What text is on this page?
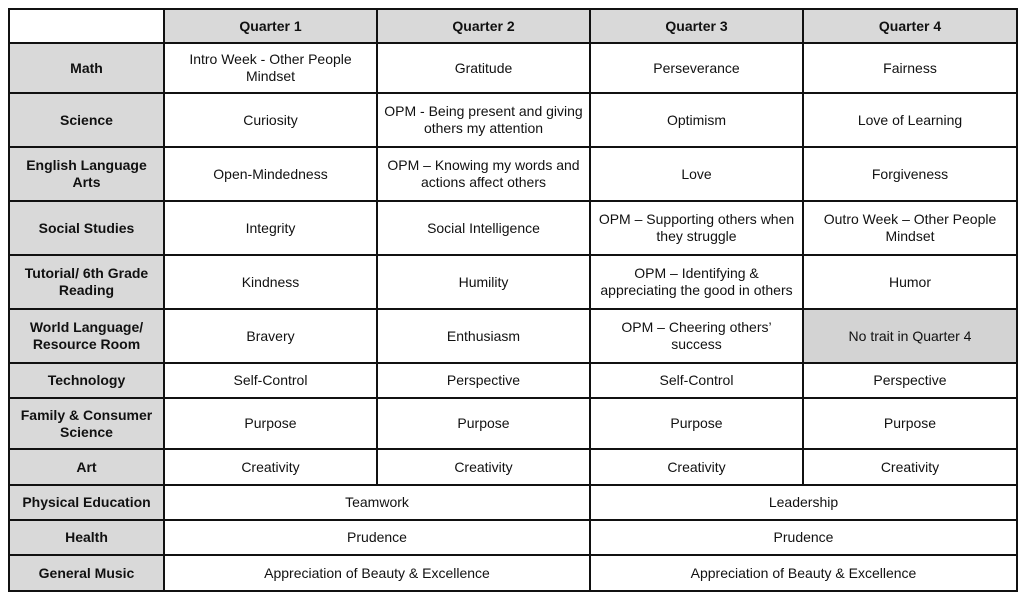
	Quarter 1	Quarter 2	Quarter 3	Quarter 4
Math	Intro Week - Other People Mindset	Gratitude	Perseverance	Fairness
Science	Curiosity	OPM - Being present and giving others my attention	Optimism	Love of Learning
English Language Arts	Open-Mindedness	OPM – Knowing my words and actions affect others	Love	Forgiveness
Social Studies	Integrity	Social Intelligence	OPM – Supporting others when they struggle	Outro Week – Other People Mindset
Tutorial/ 6th Grade Reading	Kindness	Humility	OPM – Identifying & appreciating the good in others	Humor
World Language/ Resource Room	Bravery	Enthusiasm	OPM – Cheering others’ success	No trait in Quarter 4
Technology	Self-Control	Perspective	Self-Control	Perspective
Family & Consumer Science	Purpose	Purpose	Purpose	Purpose
Art	Creativity	Creativity	Creativity	Creativity
Physical Education	Teamwork		Leadership	
Health	Prudence		Prudence	
General Music	Appreciation of Beauty & Excellence		Appreciation of Beauty & Excellence	
